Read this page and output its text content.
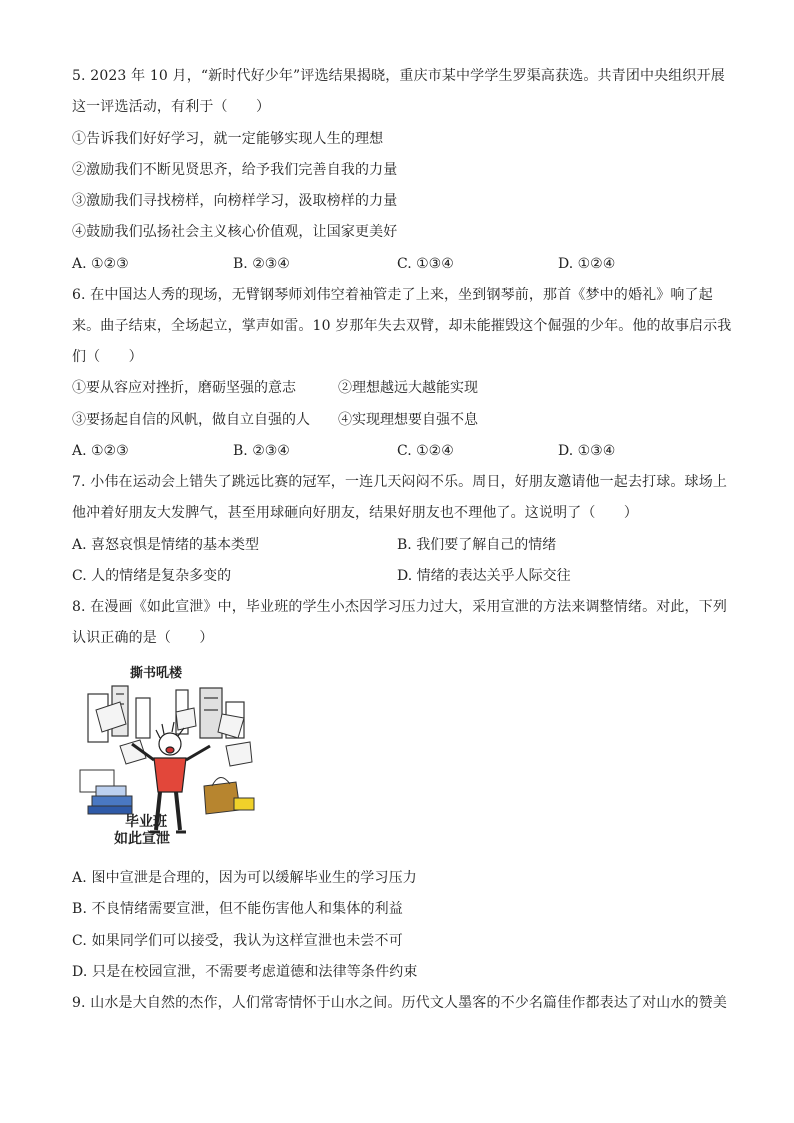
5. 2023 年 10 月，“新时代好少年”评选结果揭晓，重庆市某中学学生罗渠高获选。共青团中央组织开展
这一评选活动，有利于（　　）
①告诉我们好好学习，就一定能够实现人生的理想
②激励我们不断见贤思齐，给予我们完善自我的力量
③激励我们寻找榜样，向榜样学习，汲取榜样的力量
④鼓励我们弘扬社会主义核心价值观，让国家更美好
A. ①②③	B. ②③④	C. ①③④	D. ①②④
6. 在中国达人秀的现场，无臂钢琴师刘伟空着袖管走了上来，坐到钢琴前，那首《梦中的婚礼》响了起
来。曲子结束，全场起立，掌声如雷。10 岁那年失去双臂，却未能摧毁这个倔强的少年。他的故事启示我
们（　　）
①要从容应对挫折，磨砺坚强的意志	②理想越远大越能实现
③要扬起自信的风帆，做自立自强的人 ④实现理想要自强不息
A. ①②③	B. ②③④	C. ①②④	D. ①③④
7. 小伟在运动会上错失了跳远比赛的冠军，一连几天闷闷不乐。周日，好朋友邀请他一起去打球。球场上
他冲着好朋友大发脾气，甚至用球砸向好朋友，结果好朋友也不理他了。这说明了（　　）
A. 喜怒哀惧是情绪的基本类型	B. 我们要了解自己的情绪
C. 人的情绪是复杂多变的	D. 情绪的表达关乎人际交往
8. 在漫画《如此宣泄》中，毕业班的学生小杰因学习压力过大，采用宣泄的方法来调整情绪。对此，下列
认识正确的是（　　）
撕书吼楼
毕业班
如此宣泄
A. 图中宣泄是合理的，因为可以缓解毕业生的学习压力
B. 不良情绪需要宣泄，但不能伤害他人和集体的利益
C. 如果同学们可以接受，我认为这样宣泄也未尝不可
D. 只是在校园宣泄，不需要考虑道德和法律等条件约束
9. 山水是大自然的杰作，人们常寄情怀于山水之间。历代文人墨客的不少名篇佳作都表达了对山水的赞美
